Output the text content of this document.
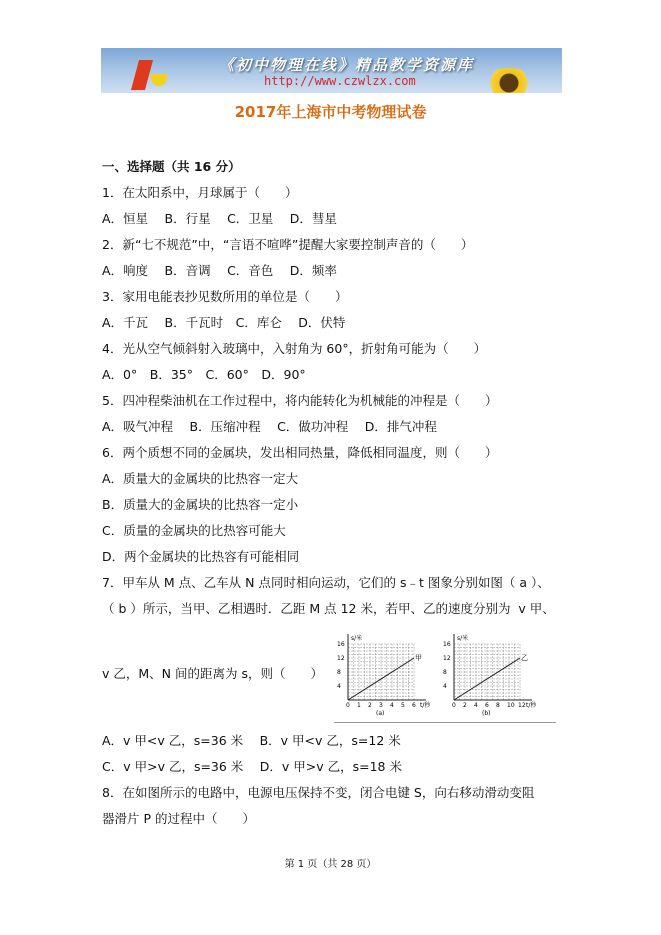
《初中物理在线》精品教学资源库
http://www.czwlzx.com
2017年上海市中考物理试卷
一、选择题（共 16 分）
1．在太阳系中，月球属于（　　）
A．恒星　 B．行星　 C．卫星　 D．彗星
2．新“七不规范”中，“言语不喧哗”提醒大家要控制声音的（　　）
A．响度　 B．音调　 C．音色　 D．频率
3．家用电能表抄见数所用的单位是（　　）
A．千瓦　 B．千瓦时　C．库仑　 D．伏特
4．光从空气倾斜射入玻璃中，入射角为 60°，折射角可能为（　　）
A．0°　B．35°　C．60°　D．90°
5．四冲程柴油机在工作过程中，将内能转化为机械能的冲程是（　　）
A．吸气冲程　 B．压缩冲程　 C．做功冲程　 D．排气冲程
6．两个质想不同的金属块，发出相同热量，降低相同温度，则（　　）
A．质量大的金属块的比热容一定大
B．质量大的金属块的比热容一定小
C．质量的金属块的比热容可能大
D．两个金属块的比热容有可能相同
7．甲车从 M 点、乙车从 N 点同时相向运动，它们的 s﹣t 图象分别如图（ a ）、
（ b ）所示，当甲、乙相遇时．乙距 M 点 12 米，若甲、乙的速度分别为  v 甲、
v 乙，M、N 间的距离为 s，则（　　）
A．v 甲<v 乙，s=36 米　 B．v 甲<v 乙，s=12 米
C．v 甲>v 乙，s=36 米　 D．v 甲>v 乙，s=18 米
8．在如图所示的电路中，电源电压保持不变，闭合电键 S，向右移动滑动变阻
器滑片 P 的过程中（　　）
甲
s/米
t/秒
16
12
8
4
0 1 2 3 4 5 6
(a)
乙
s/米
t/秒
16
12
8
4
0 2 4 6 8 10 12
(b)
第 1 页（共 28 页）
